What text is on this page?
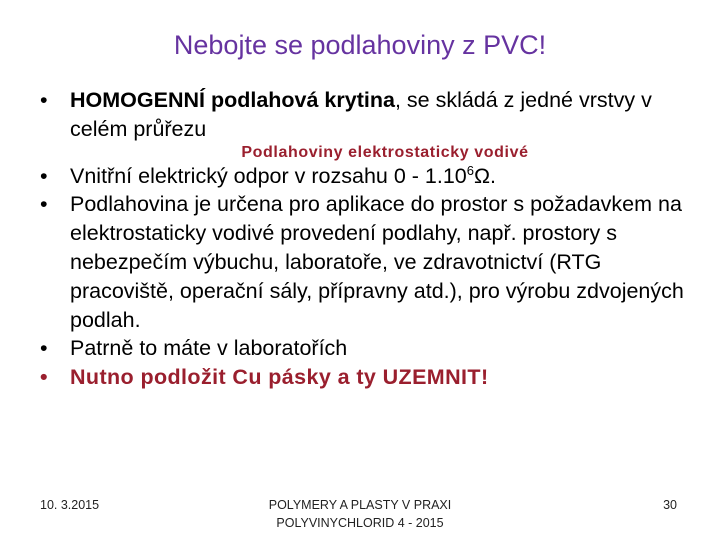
Nebojte se podlahoviny z PVC!
•	HOMOGENNÍ podlahová krytina, se skládá z jedné vrstvy v celém průřezu
Podlahoviny elektrostaticky vodivé
•	Vnitřní elektrický odpor v rozsahu 0 - 1.10$^6$Ω.
•	Podlahovina je určena pro aplikace do prostor s požadavkem na elektrostaticky vodivé provedení podlahy, např. prostory s nebezpečím výbuchu, laboratoře, ve zdravotnictví (RTG pracoviště, operační sály, přípravny atd.), pro výrobu zdvojených podlah.
•	Patrně to máte v laboratořích
•	Nutno podložit Cu pásky a ty UZEMNIT!
10. 3.2015	POLYMERY A PLASTY V PRAXI
POLYVINYCHLORID 4 - 2015
30
